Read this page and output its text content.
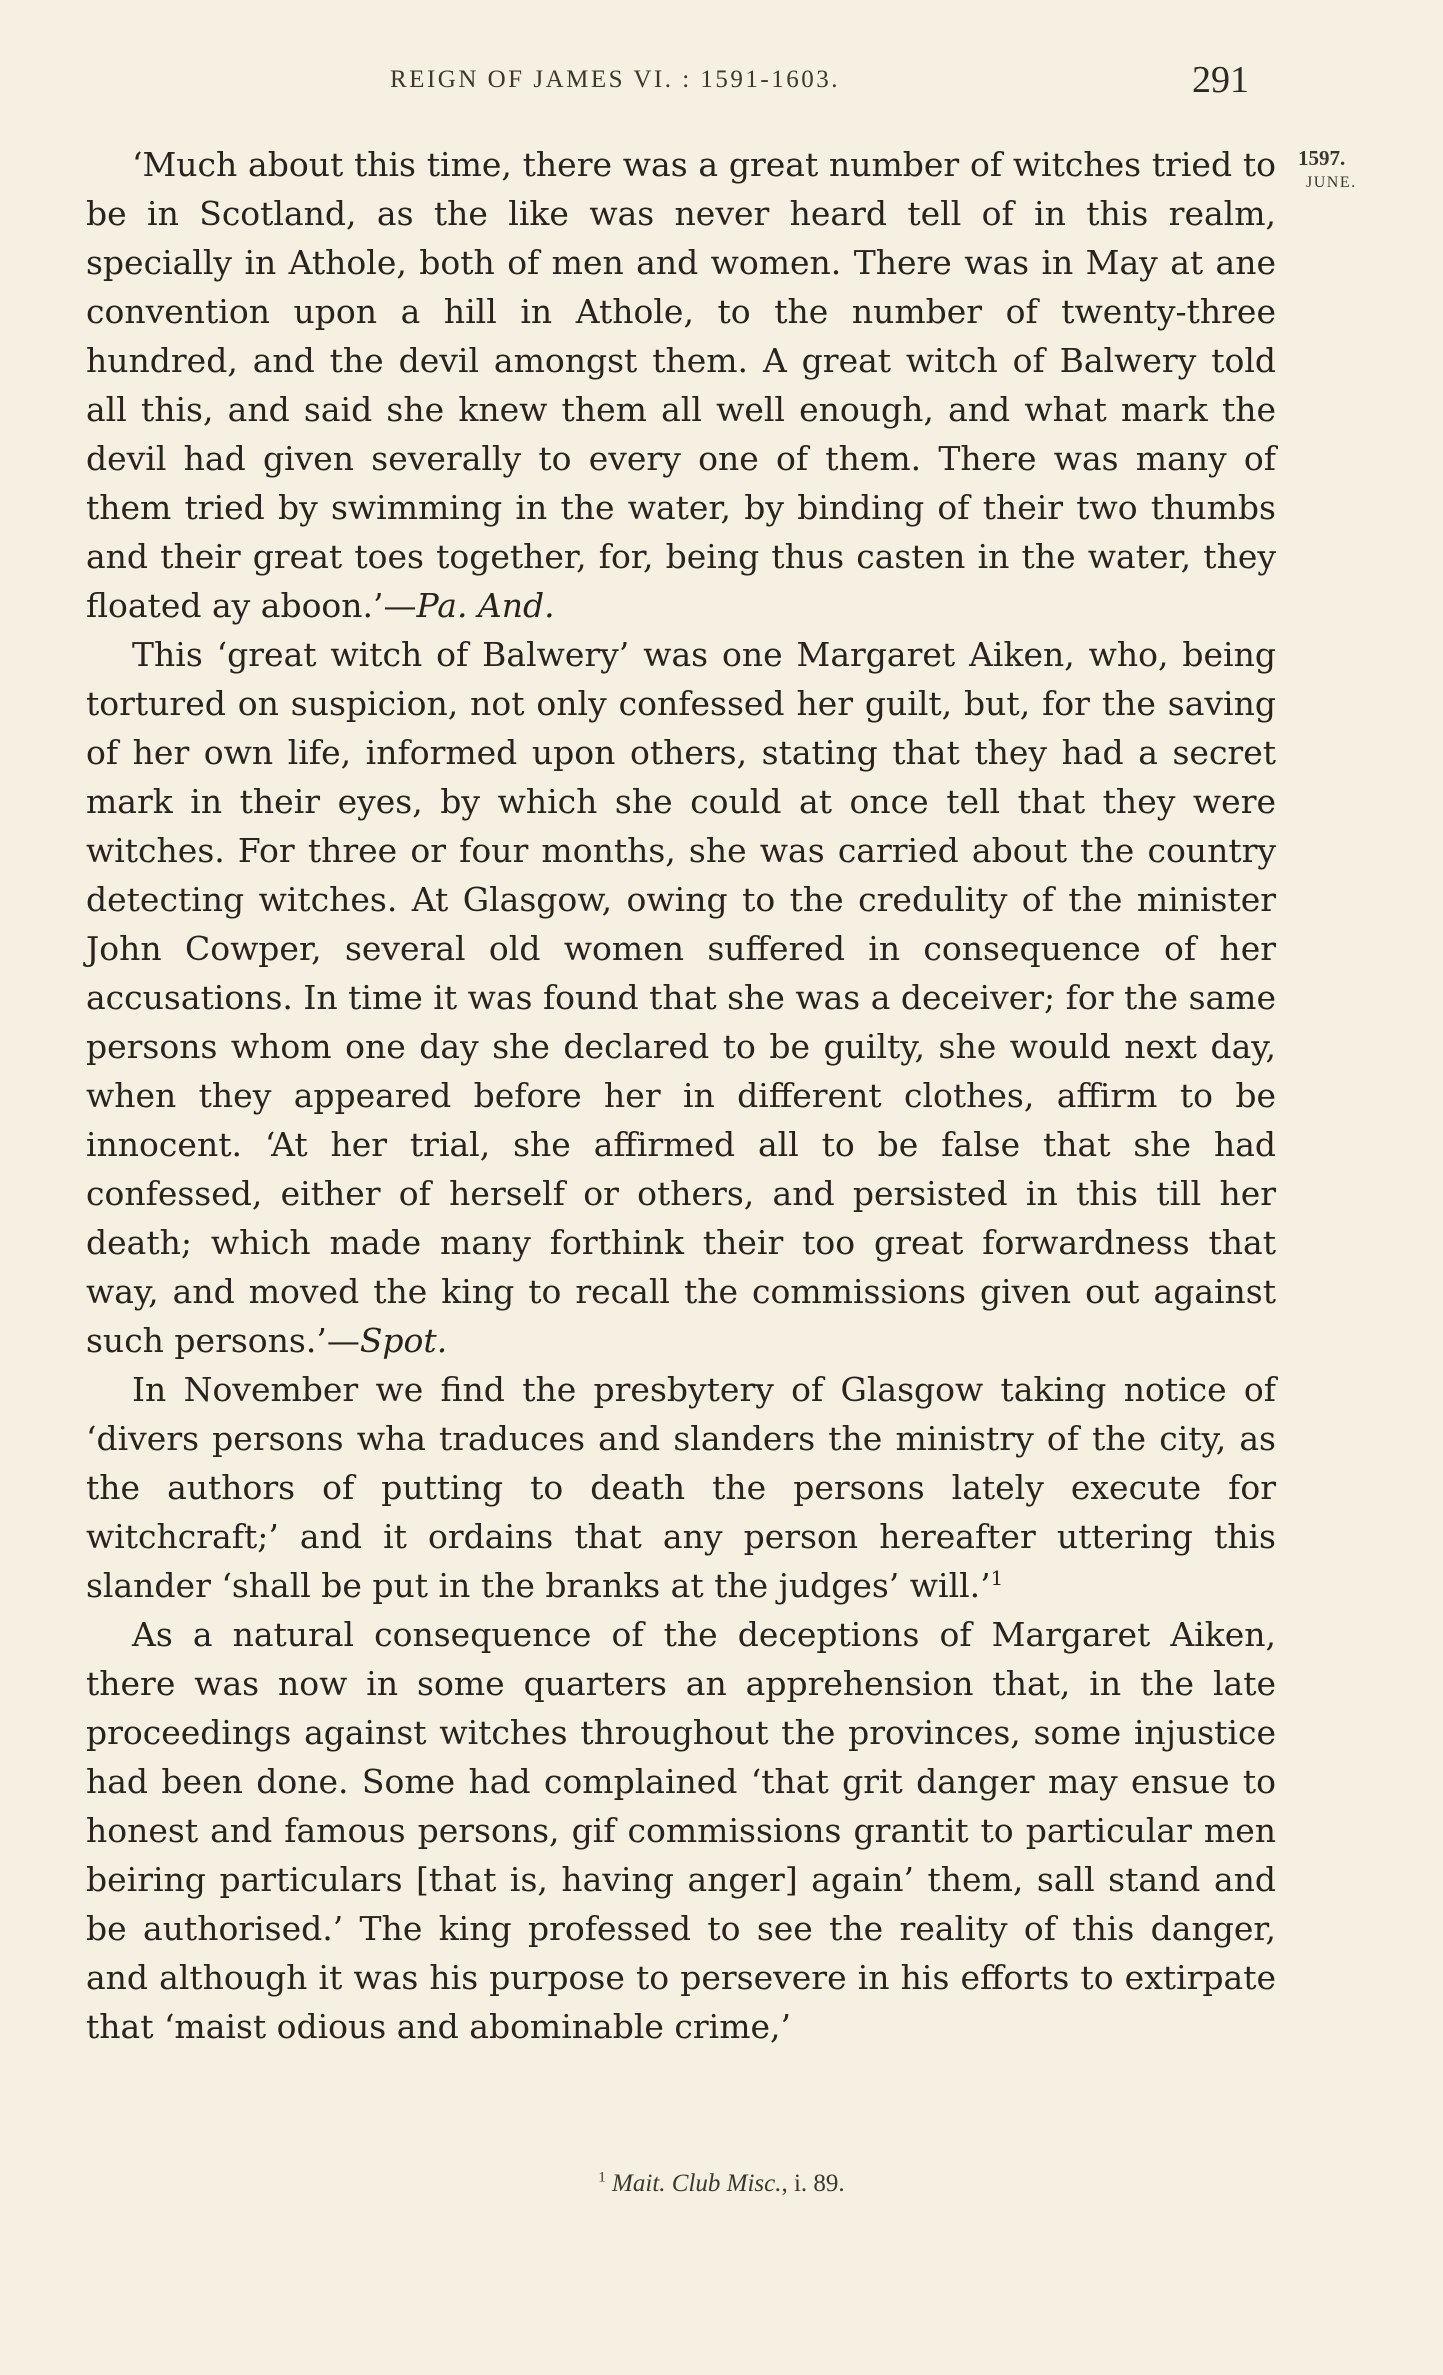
REIGN OF JAMES VI. : 1591-1603.	291
1597.
JUNE.

‘Much about this time, there was a great number of witches tried to be in Scotland, as the like was never heard tell of in this realm, specially in Athole, both of men and women. There was in May at ane convention upon a hill in Athole, to the number of twenty-three hundred, and the devil amongst them. A great witch of Balwery told all this, and said she knew them all well enough, and what mark the devil had given severally to every one of them. There was many of them tried by swimming in the water, by binding of their two thumbs and their great toes together, for, being thus casten in the water, they floated ay aboon.’—Pa. And.

This ‘great witch of Balwery’ was one Margaret Aiken, who, being tortured on suspicion, not only confessed her guilt, but, for the saving of her own life, informed upon others, stating that they had a secret mark in their eyes, by which she could at once tell that they were witches. For three or four months, she was carried about the country detecting witches. At Glasgow, owing to the credulity of the minister John Cowper, several old women suffered in consequence of her accusations. In time it was found that she was a deceiver; for the same persons whom one day she declared to be guilty, she would next day, when they appeared before her in different clothes, affirm to be innocent. ‘At her trial, she affirmed all to be false that she had confessed, either of herself or others, and persisted in this till her death; which made many forthink their too great forwardness that way, and moved the king to recall the commissions given out against such persons.’—Spot.

In November we find the presbytery of Glasgow taking notice of ‘divers persons wha traduces and slanders the ministry of the city, as the authors of putting to death the persons lately execute for witchcraft;’ and it ordains that any person hereafter uttering this slander ‘shall be put in the branks at the judges’ will.’$^1$

As a natural consequence of the deceptions of Margaret Aiken, there was now in some quarters an apprehension that, in the late proceedings against witches throughout the provinces, some injustice had been done. Some had complained ‘that grit danger may ensue to honest and famous persons, gif commissions grantit to particular men beiring particulars [that is, having anger] again’ them, sall stand and be authorised.’ The king professed to see the reality of this danger, and although it was his purpose to persevere in his efforts to extirpate that ‘maist odious and abominable crime,’

$^1$ Mait. Club Misc., i. 89.
